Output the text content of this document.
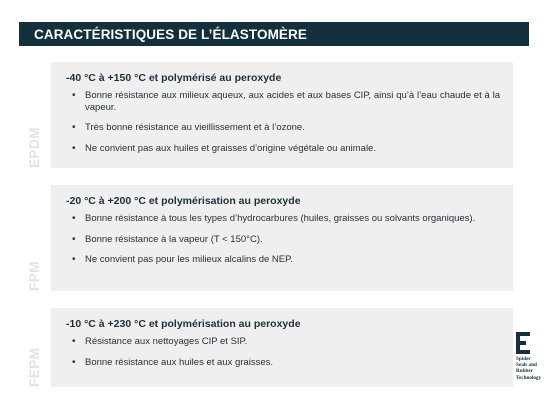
CARACTÉRISTIQUES DE L’ÉLASTOMÈRE
EPDM
-40 °C à +150 °C et polymérisé au peroxyde
• Bonne résistance aux milieux aqueux, aux acides et aux bases CIP, ainsi qu’à l’eau chaude et à la vapeur.
• Très bonne résistance au vieillissement et à l’ozone.
• Ne convient pas aux huiles et graisses d’origine végétale ou animale.
FPM
-20 °C à +200 °C et polymérisation au peroxyde
• Bonne résistance à tous les types d’hydrocarbures (huiles, graisses ou solvants organiques).
• Bonne résistance à la vapeur (T < 150°C).
• Ne convient pas pour les milieux alcalins de NEP.
FEPM
-10 °C à +230 °C et polymérisation au peroxyde
• Résistance aux nettoyages CIP et SIP.
• Bonne résistance aux huiles et aux graisses.	Spider
Seals and
Rubber
Technology
